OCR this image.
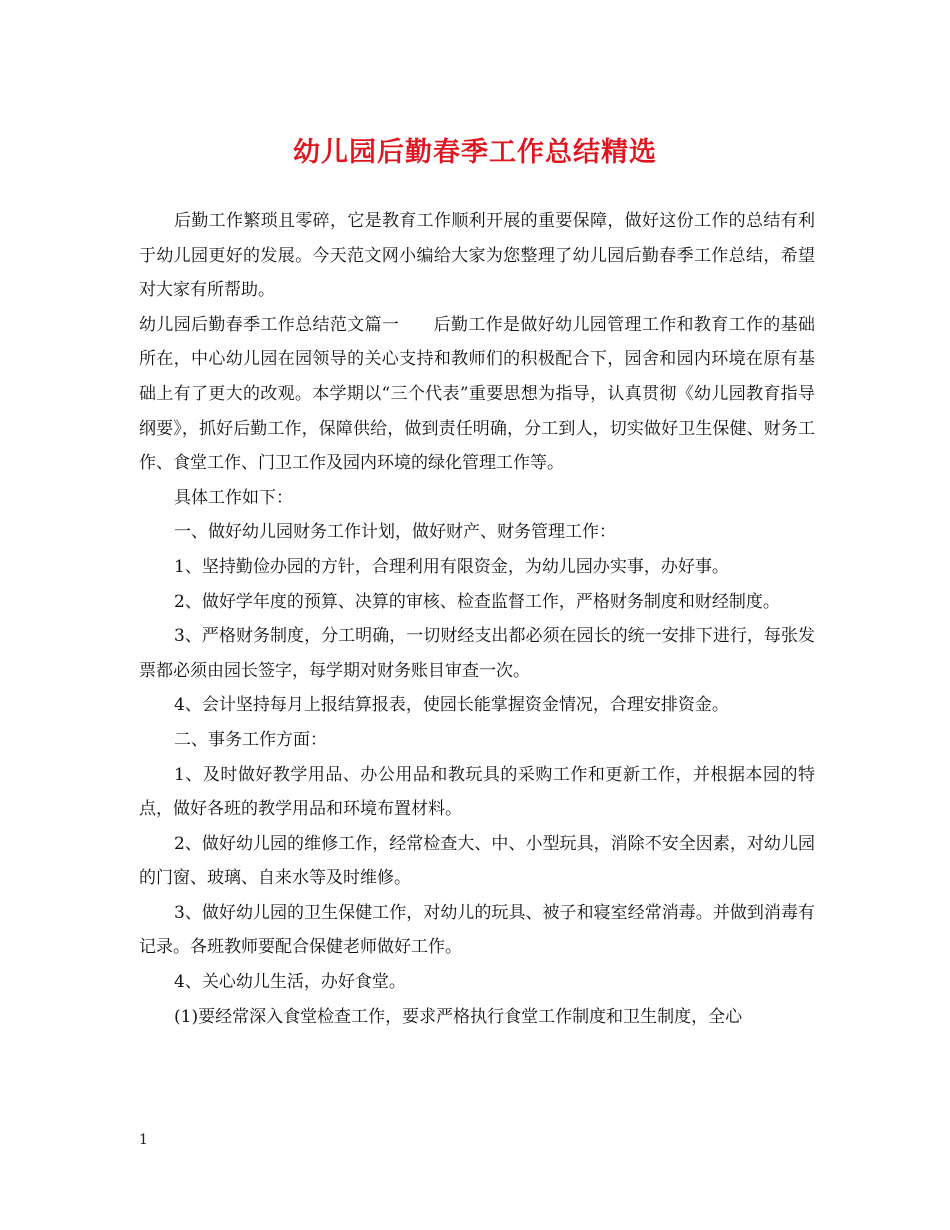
幼儿园后勤春季工作总结精选

后勤工作繁琐且零碎，它是教育工作顺利开展的重要保障，做好这份工作的总结有利于幼儿园更好的发展。今天范文网小编给大家为您整理了幼儿园后勤春季工作总结，希望对大家有所帮助。

幼儿园后勤春季工作总结范文篇一 后勤工作是做好幼儿园管理工作和教育工作的基础所在，中心幼儿园在园领导的关心支持和教师们的积极配合下，园舍和园内环境在原有基础上有了更大的改观。本学期以“三个代表”重要思想为指导，认真贯彻《幼儿园教育指导纲要》，抓好后勤工作，保障供给，做到责任明确，分工到人，切实做好卫生保健、财务工作、食堂工作、门卫工作及园内环境的绿化管理工作等。

具体工作如下：

一、做好幼儿园财务工作计划，做好财产、财务管理工作：

1、坚持勤俭办园的方针，合理利用有限资金，为幼儿园办实事，办好事。

2、做好学年度的预算、决算的审核、检查监督工作，严格财务制度和财经制度。

3、严格财务制度，分工明确，一切财经支出都必须在园长的统一安排下进行，每张发票都必须由园长签字，每学期对财务账目审查一次。

4、会计坚持每月上报结算报表，使园长能掌握资金情况，合理安排资金。

二、事务工作方面：

1、及时做好教学用品、办公用品和教玩具的采购工作和更新工作，并根据本园的特点，做好各班的教学用品和环境布置材料。

2、做好幼儿园的维修工作，经常检查大、中、小型玩具，消除不安全因素，对幼儿园的门窗、玻璃、自来水等及时维修。

3、做好幼儿园的卫生保健工作，对幼儿的玩具、被子和寝室经常消毒。并做到消毒有记录。各班教师要配合保健老师做好工作。

4、关心幼儿生活，办好食堂。

(1)要经常深入食堂检查工作，要求严格执行食堂工作制度和卫生制度，全心

1
